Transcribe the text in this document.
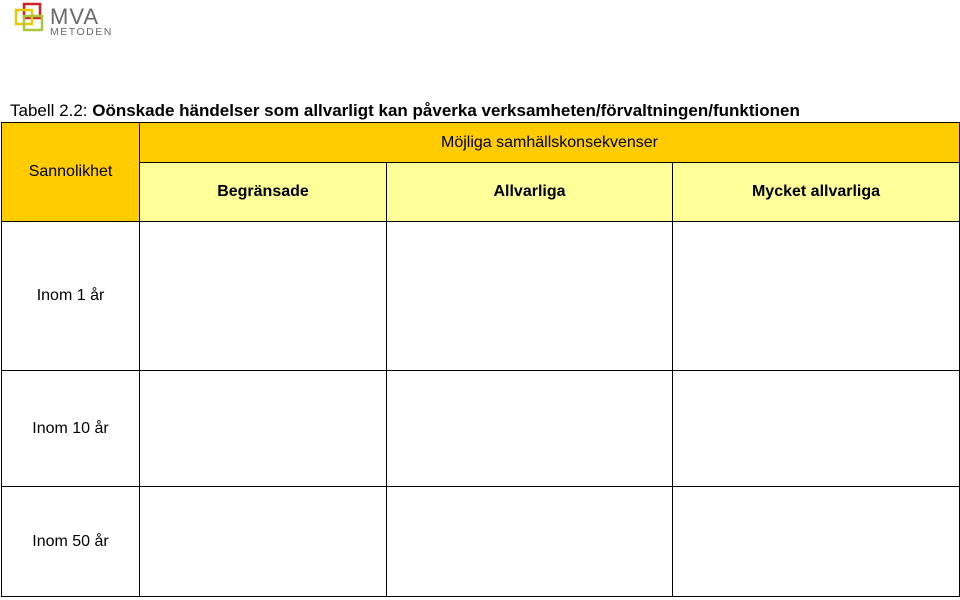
MVA
METODEN
Tabell 2.2: Oönskade händelser som allvarligt kan påverka verksamheten/förvaltningen/funktionen
Sannolikhet	Möjliga samhällskonsekvenser		
	Begränsade	Allvarliga	Mycket allvarliga
Inom 1 år			
Inom 10 år			
Inom 50 år			
